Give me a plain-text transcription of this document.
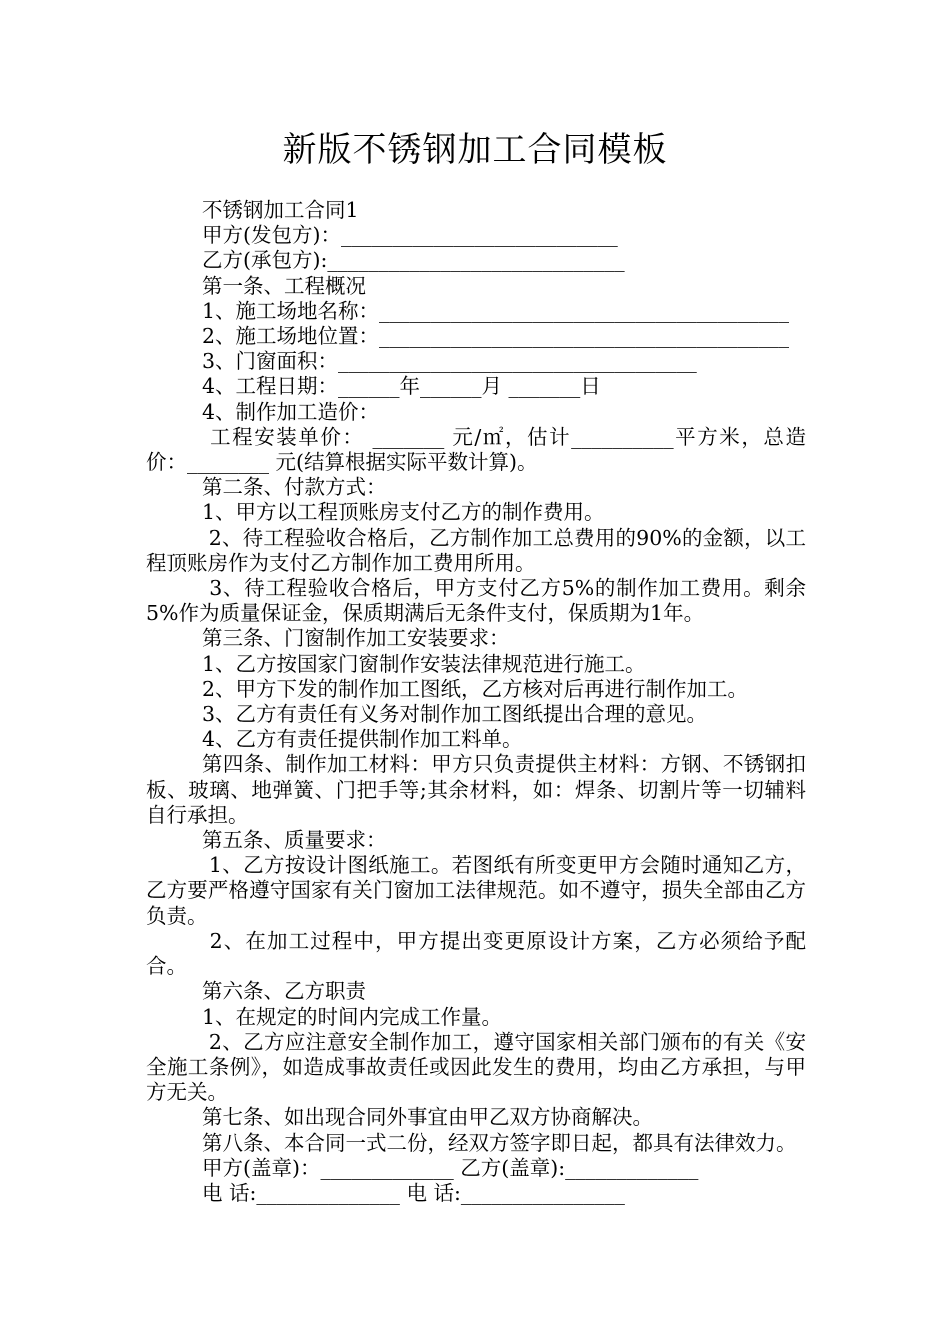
新版不锈钢加工合同模板

不锈钢加工合同1

甲方(发包方)：___________________________

乙方(承包方):_____________________________

第一条、工程概况

1、施工场地名称：________________________________________

2、施工场地位置：________________________________________

3、门窗面积：___________________________________

4、工程日期：______年______月 _______日

4、制作加工造价：

工程安装单价： _______ 元/㎡，估计__________平方米，总造价：________ 元(结算根据实际平数计算)。

第二条、付款方式：

1、甲方以工程顶账房支付乙方的制作费用。

2、待工程验收合格后，乙方制作加工总费用的90%的金额，以工程顶账房作为支付乙方制作加工费用所用。

3、待工程验收合格后，甲方支付乙方5%的制作加工费用。剩余5%作为质量保证金，保质期满后无条件支付，保质期为1年。

第三条、门窗制作加工安装要求：

1、乙方按国家门窗制作安装法律规范进行施工。

2、甲方下发的制作加工图纸，乙方核对后再进行制作加工。

3、乙方有责任有义务对制作加工图纸提出合理的意见。

4、乙方有责任提供制作加工料单。

第四条、制作加工材料：甲方只负责提供主材料：方钢、不锈钢扣板、玻璃、地弹簧、门把手等;其余材料，如：焊条、切割片等一切辅料自行承担。

第五条、质量要求：

1、乙方按设计图纸施工。若图纸有所变更甲方会随时通知乙方，乙方要严格遵守国家有关门窗加工法律规范。如不遵守，损失全部由乙方负责。

2、在加工过程中，甲方提出变更原设计方案，乙方必须给予配合。

第六条、乙方职责

1、在规定的时间内完成工作量。

2、乙方应注意安全制作加工，遵守国家相关部门颁布的有关《安全施工条例》，如造成事故责任或因此发生的费用，均由乙方承担，与甲方无关。

第七条、如出现合同外事宜由甲乙双方协商解决。

第八条、本合同一式二份，经双方签字即日起，都具有法律效力。

甲方(盖章)：_____________ 乙方(盖章):_____________

电 话:______________ 电 话:________________
